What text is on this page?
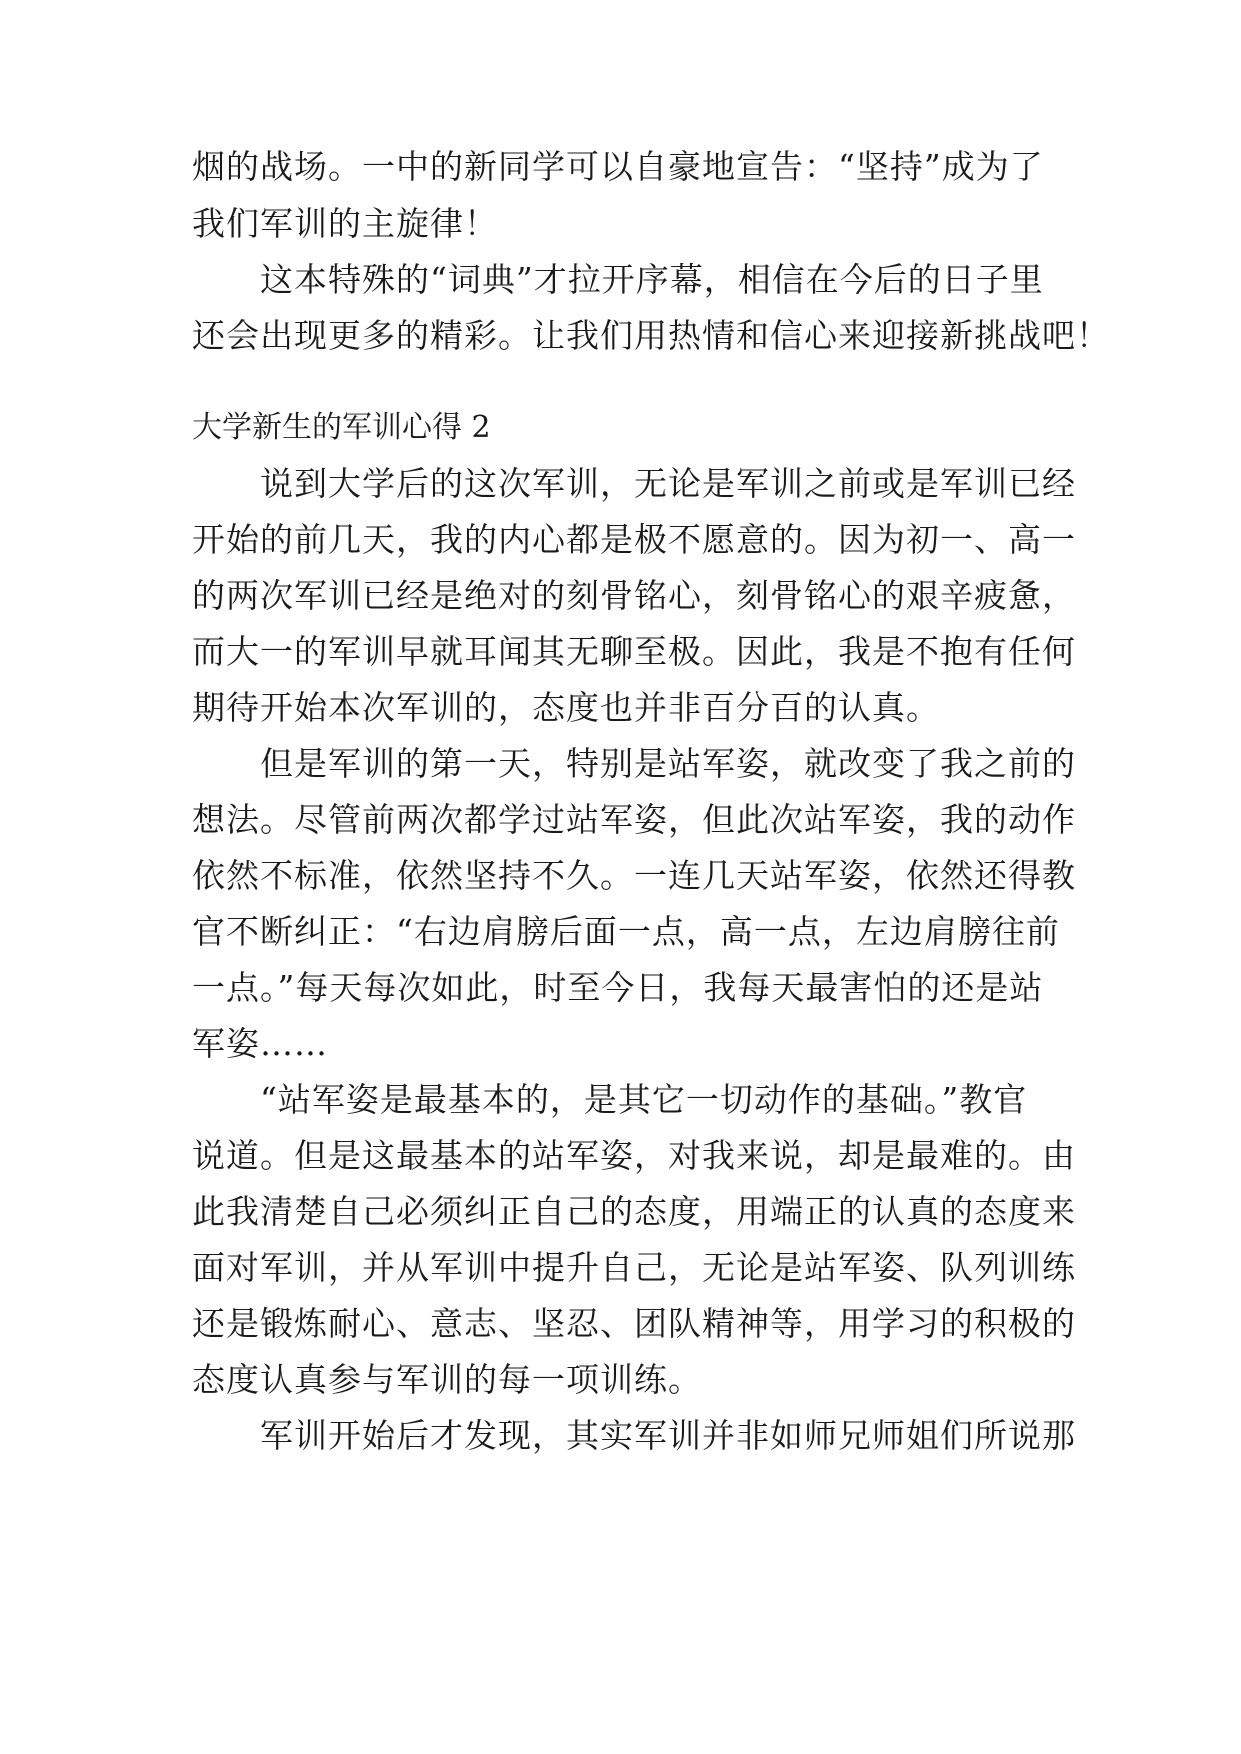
烟的战场。一中的新同学可以自豪地宣告：“坚持”成为了
我们军训的主旋律！
　　这本特殊的“词典”才拉开序幕，相信在今后的日子里
还会出现更多的精彩。让我们用热情和信心来迎接新挑战吧！
大学新生的军训心得 2
　　说到大学后的这次军训，无论是军训之前或是军训已经
开始的前几天，我的内心都是极不愿意的。因为初一、高一
的两次军训已经是绝对的刻骨铭心，刻骨铭心的艰辛疲惫，
而大一的军训早就耳闻其无聊至极。因此，我是不抱有任何
期待开始本次军训的，态度也并非百分百的认真。
　　但是军训的第一天，特别是站军姿，就改变了我之前的
想法。尽管前两次都学过站军姿，但此次站军姿，我的动作
依然不标准，依然坚持不久。一连几天站军姿，依然还得教
官不断纠正：“右边肩膀后面一点，高一点，左边肩膀往前
一点。”每天每次如此，时至今日，我每天最害怕的还是站
军姿……
　　“站军姿是最基本的，是其它一切动作的基础。”教官
说道。但是这最基本的站军姿，对我来说，却是最难的。由
此我清楚自己必须纠正自己的态度，用端正的认真的态度来
面对军训，并从军训中提升自己，无论是站军姿、队列训练
还是锻炼耐心、意志、坚忍、团队精神等，用学习的积极的
态度认真参与军训的每一项训练。
　　军训开始后才发现，其实军训并非如师兄师姐们所说那
